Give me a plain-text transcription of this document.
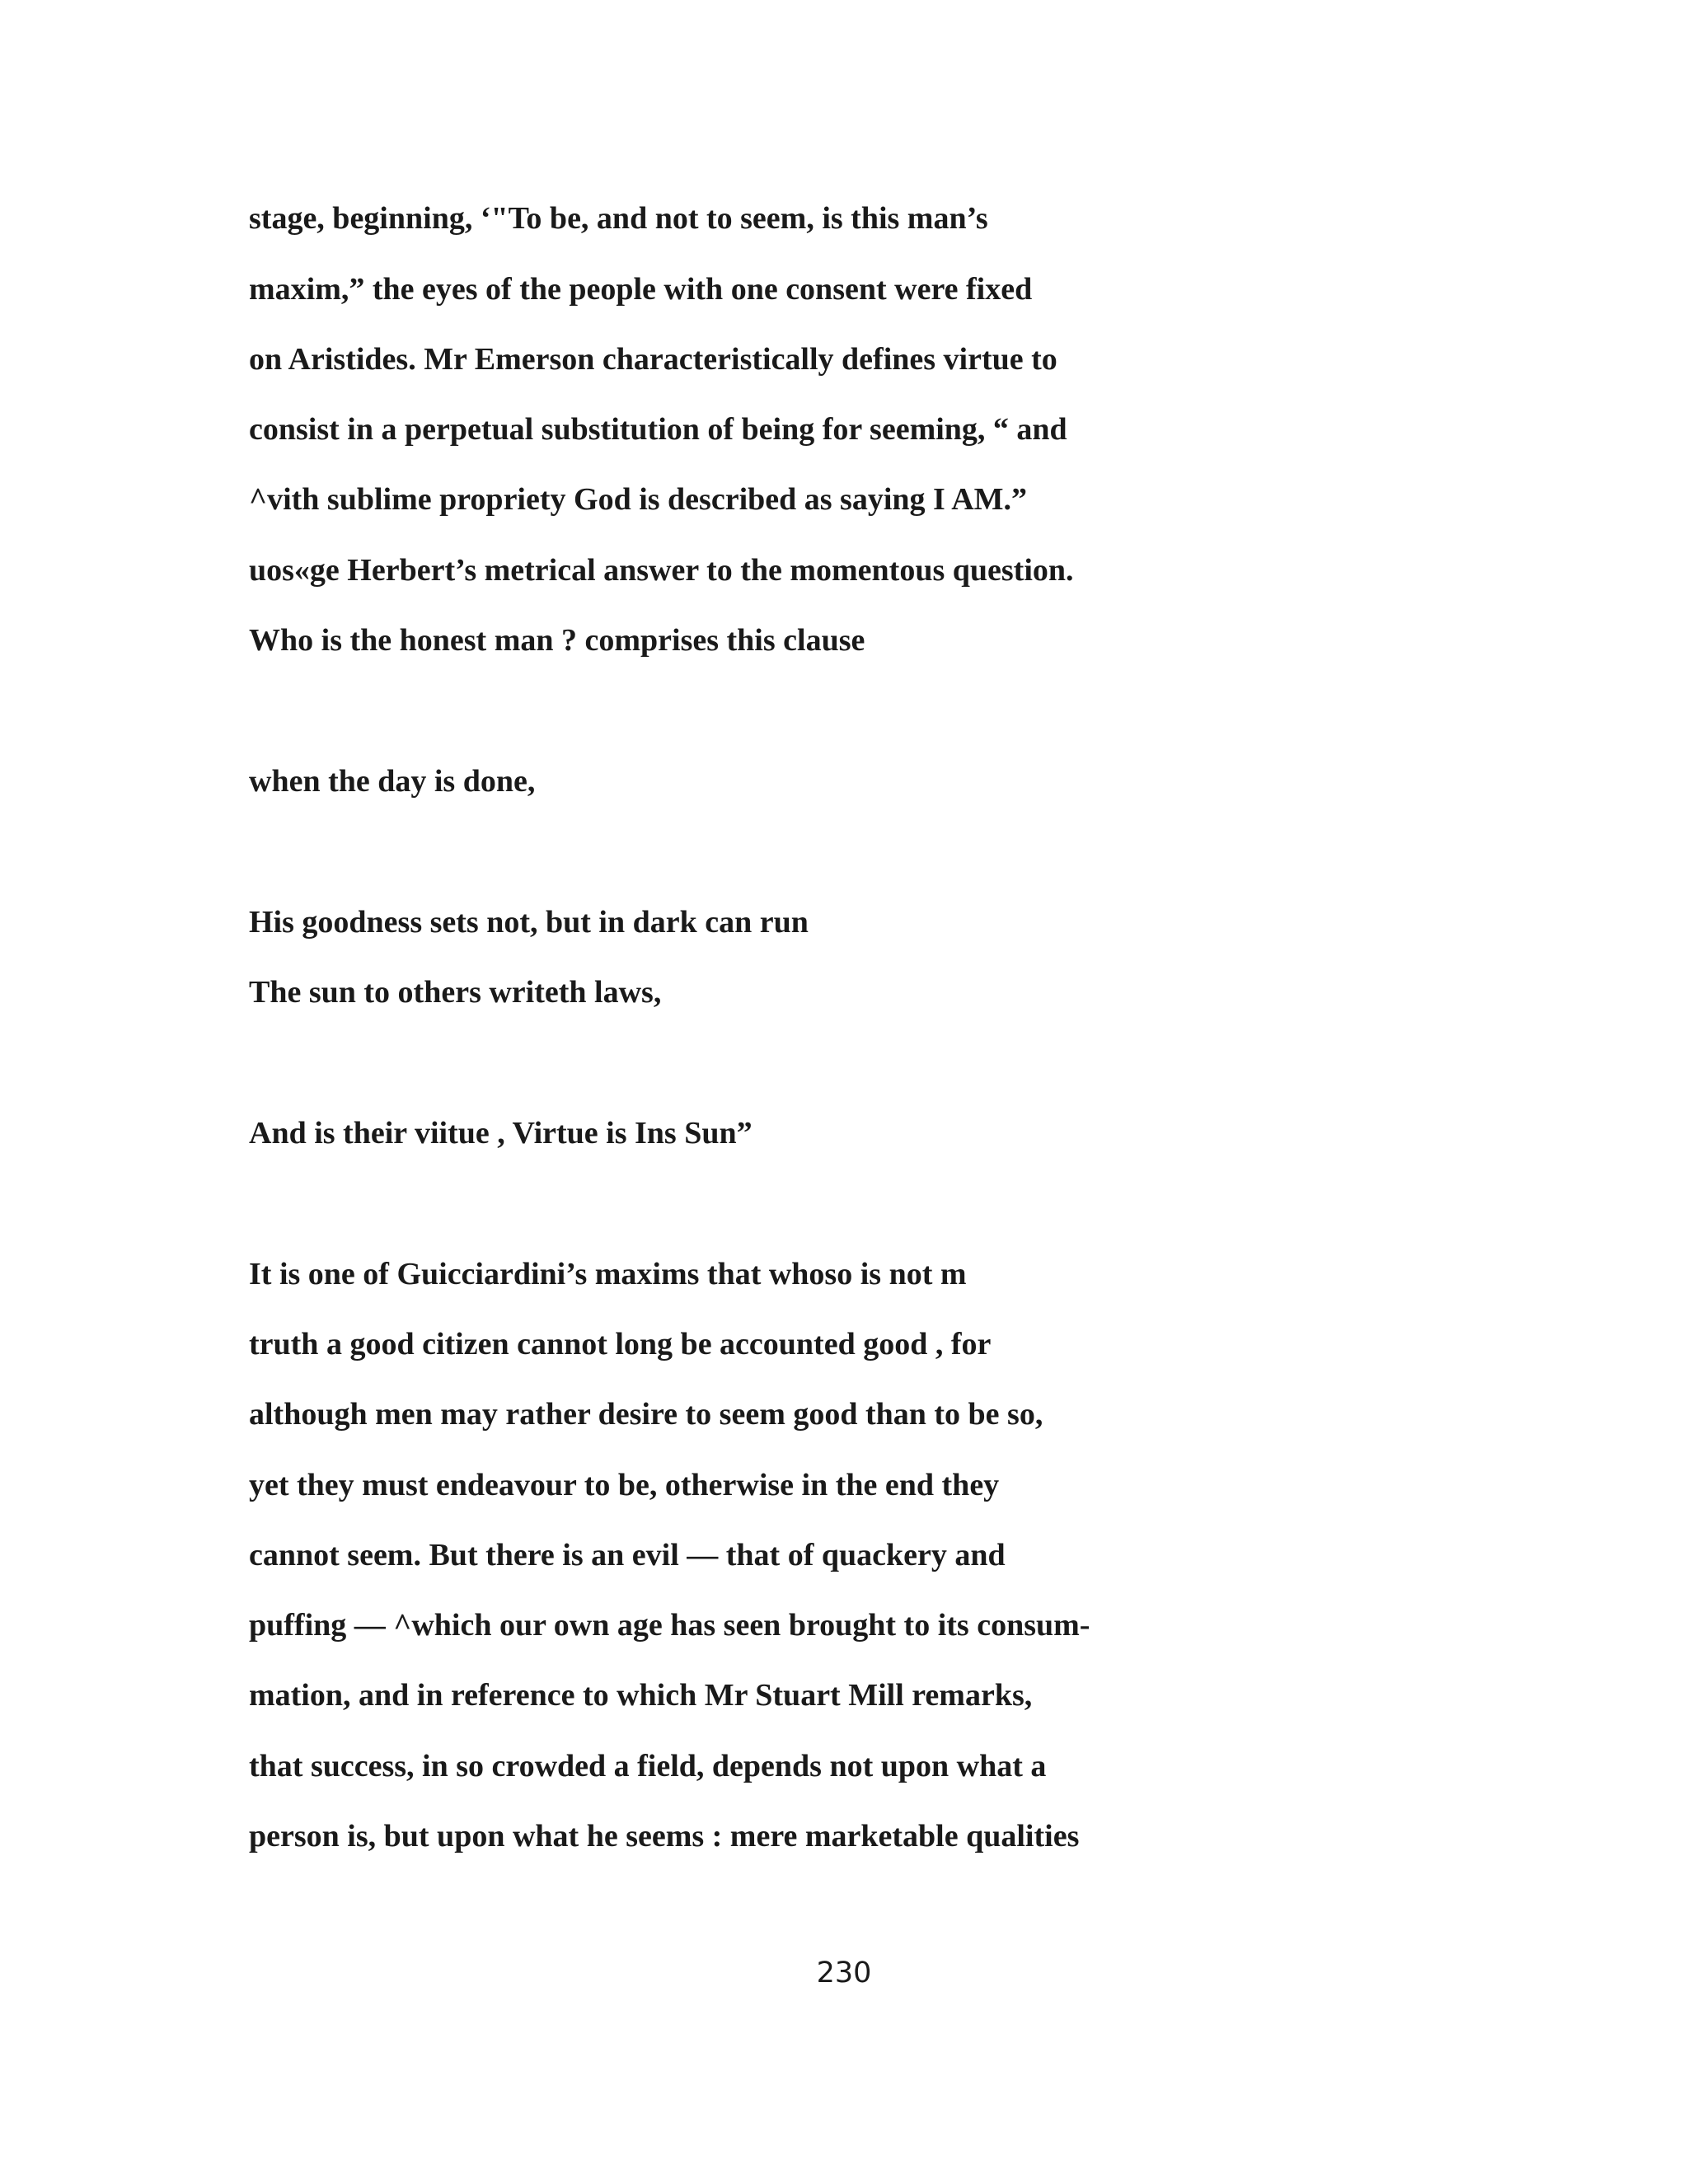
stage, beginning, ‘"To be, and not to seem, is this man’s

maxim,” the eyes of the people with one consent were fixed

on Aristides. Mr Emerson characteristically defines virtue to

consist in a perpetual substitution of being for seeming, “ and

^vith sublime propriety God is described as saying I AM.”

uos«ge Herbert’s metrical answer to the momentous question.

Who is the honest man ? comprises this clause

when the day is done,

His goodness sets not, but in dark can run

The sun to others writeth laws,

And is their viitue , Virtue is Ins Sun”

It is one of Guicciardini’s maxims that whoso is not m

truth a good citizen cannot long be accounted good , for

although men may rather desire to seem good than to be so,

yet they must endeavour to be, otherwise in the end they

cannot seem. But there is an evil — that of quackery and

puffing — ^which our own age has seen brought to its consum-

mation, and in reference to which Mr Stuart Mill remarks,

that success, in so crowded a field, depends not upon what a

person is, but upon what he seems : mere marketable qualities

230
